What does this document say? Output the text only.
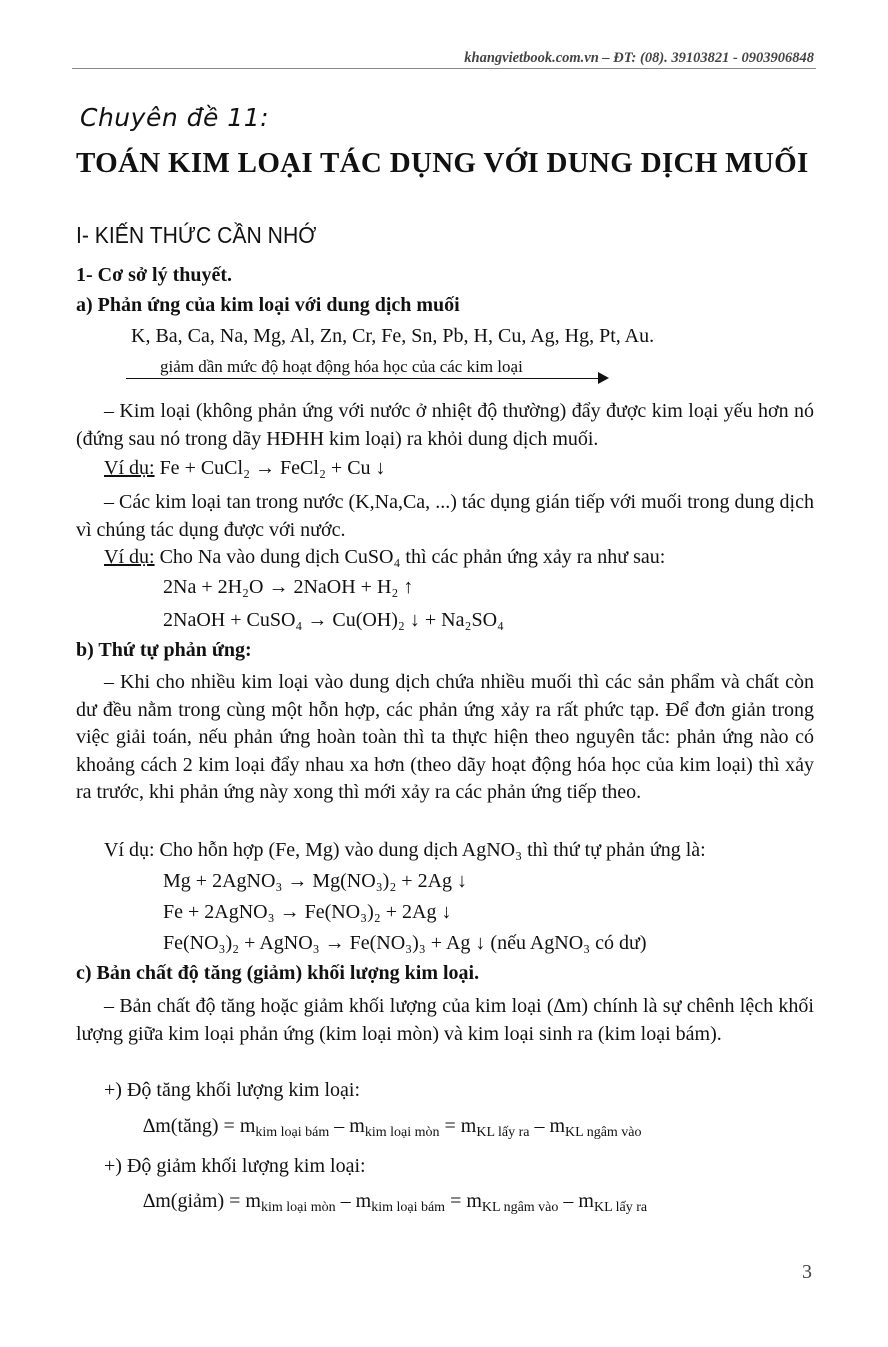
khangvietbook.com.vn – ĐT: (08). 39103821 - 0903906848
Chuyên đề 11:
TOÁN KIM LOẠI TÁC DỤNG VỚI DUNG DỊCH MUỐI
I- KIẾN THỨC CẦN NHỚ
1- Cơ sở lý thuyết.
a) Phản ứng của kim loại với dung dịch muối
K, Ba, Ca, Na, Mg, Al, Zn, Cr, Fe, Sn, Pb, H, Cu, Ag, Hg, Pt, Au.
giảm dần mức độ hoạt động hóa học của các kim loại
– Kim loại (không phản ứng với nước ở nhiệt độ thường) đẩy được kim loại yếu hơn nó (đứng sau nó trong dãy HĐHH kim loại) ra khỏi dung dịch muối.
Ví dụ: Fe + CuCl₂ → FeCl₂ + Cu ↓
– Các kim loại tan trong nước (K,Na,Ca, ...) tác dụng gián tiếp với muối trong dung dịch vì chúng tác dụng được với nước.
Ví dụ: Cho Na vào dung dịch CuSO₄ thì các phản ứng xảy ra như sau:
2Na + 2H₂O → 2NaOH + H₂ ↑
2NaOH + CuSO₄ → Cu(OH)₂ ↓ + Na₂SO₄
b) Thứ tự phản ứng:
– Khi cho nhiều kim loại vào dung dịch chứa nhiều muối thì các sản phẩm và chất còn dư đều nằm trong cùng một hỗn hợp, các phản ứng xảy ra rất phức tạp. Để đơn giản trong việc giải toán, nếu phản ứng hoàn toàn thì ta thực hiện theo nguyên tắc: phản ứng nào có khoảng cách 2 kim loại đẩy nhau xa hơn (theo dãy hoạt động hóa học của kim loại) thì xảy ra trước, khi phản ứng này xong thì mới xảy ra các phản ứng tiếp theo.
Ví dụ: Cho hỗn hợp (Fe, Mg) vào dung dịch AgNO₃ thì thứ tự phản ứng là:
Mg + 2AgNO₃ → Mg(NO₃)₂ + 2Ag ↓
Fe + 2AgNO₃ → Fe(NO₃)₂ + 2Ag ↓
Fe(NO₃)₂ + AgNO₃ → Fe(NO₃)₃ + Ag ↓ (nếu AgNO₃ có dư)
c) Bản chất độ tăng (giảm) khối lượng kim loại.
– Bản chất độ tăng hoặc giảm khối lượng của kim loại (∆m) chính là sự chênh lệch khối lượng giữa kim loại phản ứng (kim loại mòn) và kim loại sinh ra (kim loại bám).
+) Độ tăng khối lượng kim loại:
∆m(tăng) = $m_{kim loại bám} - m_{kim loại mòn} = m_{KL lấy ra} - m_{KL ngâm vào}$
+) Độ giảm khối lượng kim loại:
∆m(giảm) = $m_{kim loại mòn} - m_{kim loại bám} = m_{KL ngâm vào} - m_{KL lấy ra}$
3
